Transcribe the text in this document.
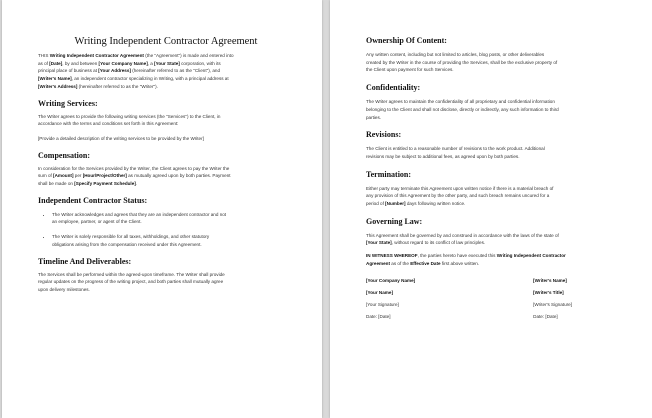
Writing Independent Contractor Agreement

THIS Writing Independent Contractor Agreement (the "Agreement") is made and entered into
as of [Date], by and between [Your Company Name], a [Your State] corporation, with its
principal place of business at [Your Address] (hereinafter referred to as the "Client"), and
[Writer's Name], an independent contractor specializing in Writing, with a principal address at
[Writer's Address] (hereinafter referred to as the "Writer").

Writing Services:

The Writer agrees to provide the following writing services (the "Services") to the Client, in
accordance with the terms and conditions set forth in this Agreement:

[Provide a detailed description of the writing services to be provided by the Writer]

Compensation:

In consideration for the Services provided by the Writer, the Client agrees to pay the Writer the
sum of [Amount] per [Hour/Project/Other] as mutually agreed upon by both parties. Payment
shall be made on [Specify Payment Schedule].

Independent Contractor Status:
• The Writer acknowledges and agrees that they are an independent contractor and not
an employee, partner, or agent of the Client.
• The Writer is solely responsible for all taxes, withholdings, and other statutory
obligations arising from the compensation received under this Agreement.
Timeline And Deliverables:

The Services shall be performed within the agreed-upon timeframe. The Writer shall provide
regular updates on the progress of the writing project, and both parties shall mutually agree
upon delivery milestones.

Ownership Of Content:

Any written content, including but not limited to articles, blog posts, or other deliverables
created by the Writer in the course of providing the Services, shall be the exclusive property of
the Client upon payment for such Services.

Confidentiality:

The Writer agrees to maintain the confidentiality of all proprietary and confidential information
belonging to the Client and shall not disclose, directly or indirectly, any such information to third
parties.

Revisions:

The Client is entitled to a reasonable number of revisions to the work product. Additional
revisions may be subject to additional fees, as agreed upon by both parties.

Termination:

Either party may terminate this Agreement upon written notice if there is a material breach of
any provision of this Agreement by the other party, and such breach remains uncured for a
period of [Number] days following written notice.

Governing Law:

This Agreement shall be governed by and construed in accordance with the laws of the state of
[Your State], without regard to its conflict of law principles.

IN WITNESS WHEREOF, the parties hereto have executed this Writing Independent Contractor
Agreement as of the Effective Date first above written.

[Your Company Name]
[Your Name]
[Your Signature]
Date: [Date]
[Writer's Name]
[Writer's Title]
[Writer's Signature]
Date: [Date]
